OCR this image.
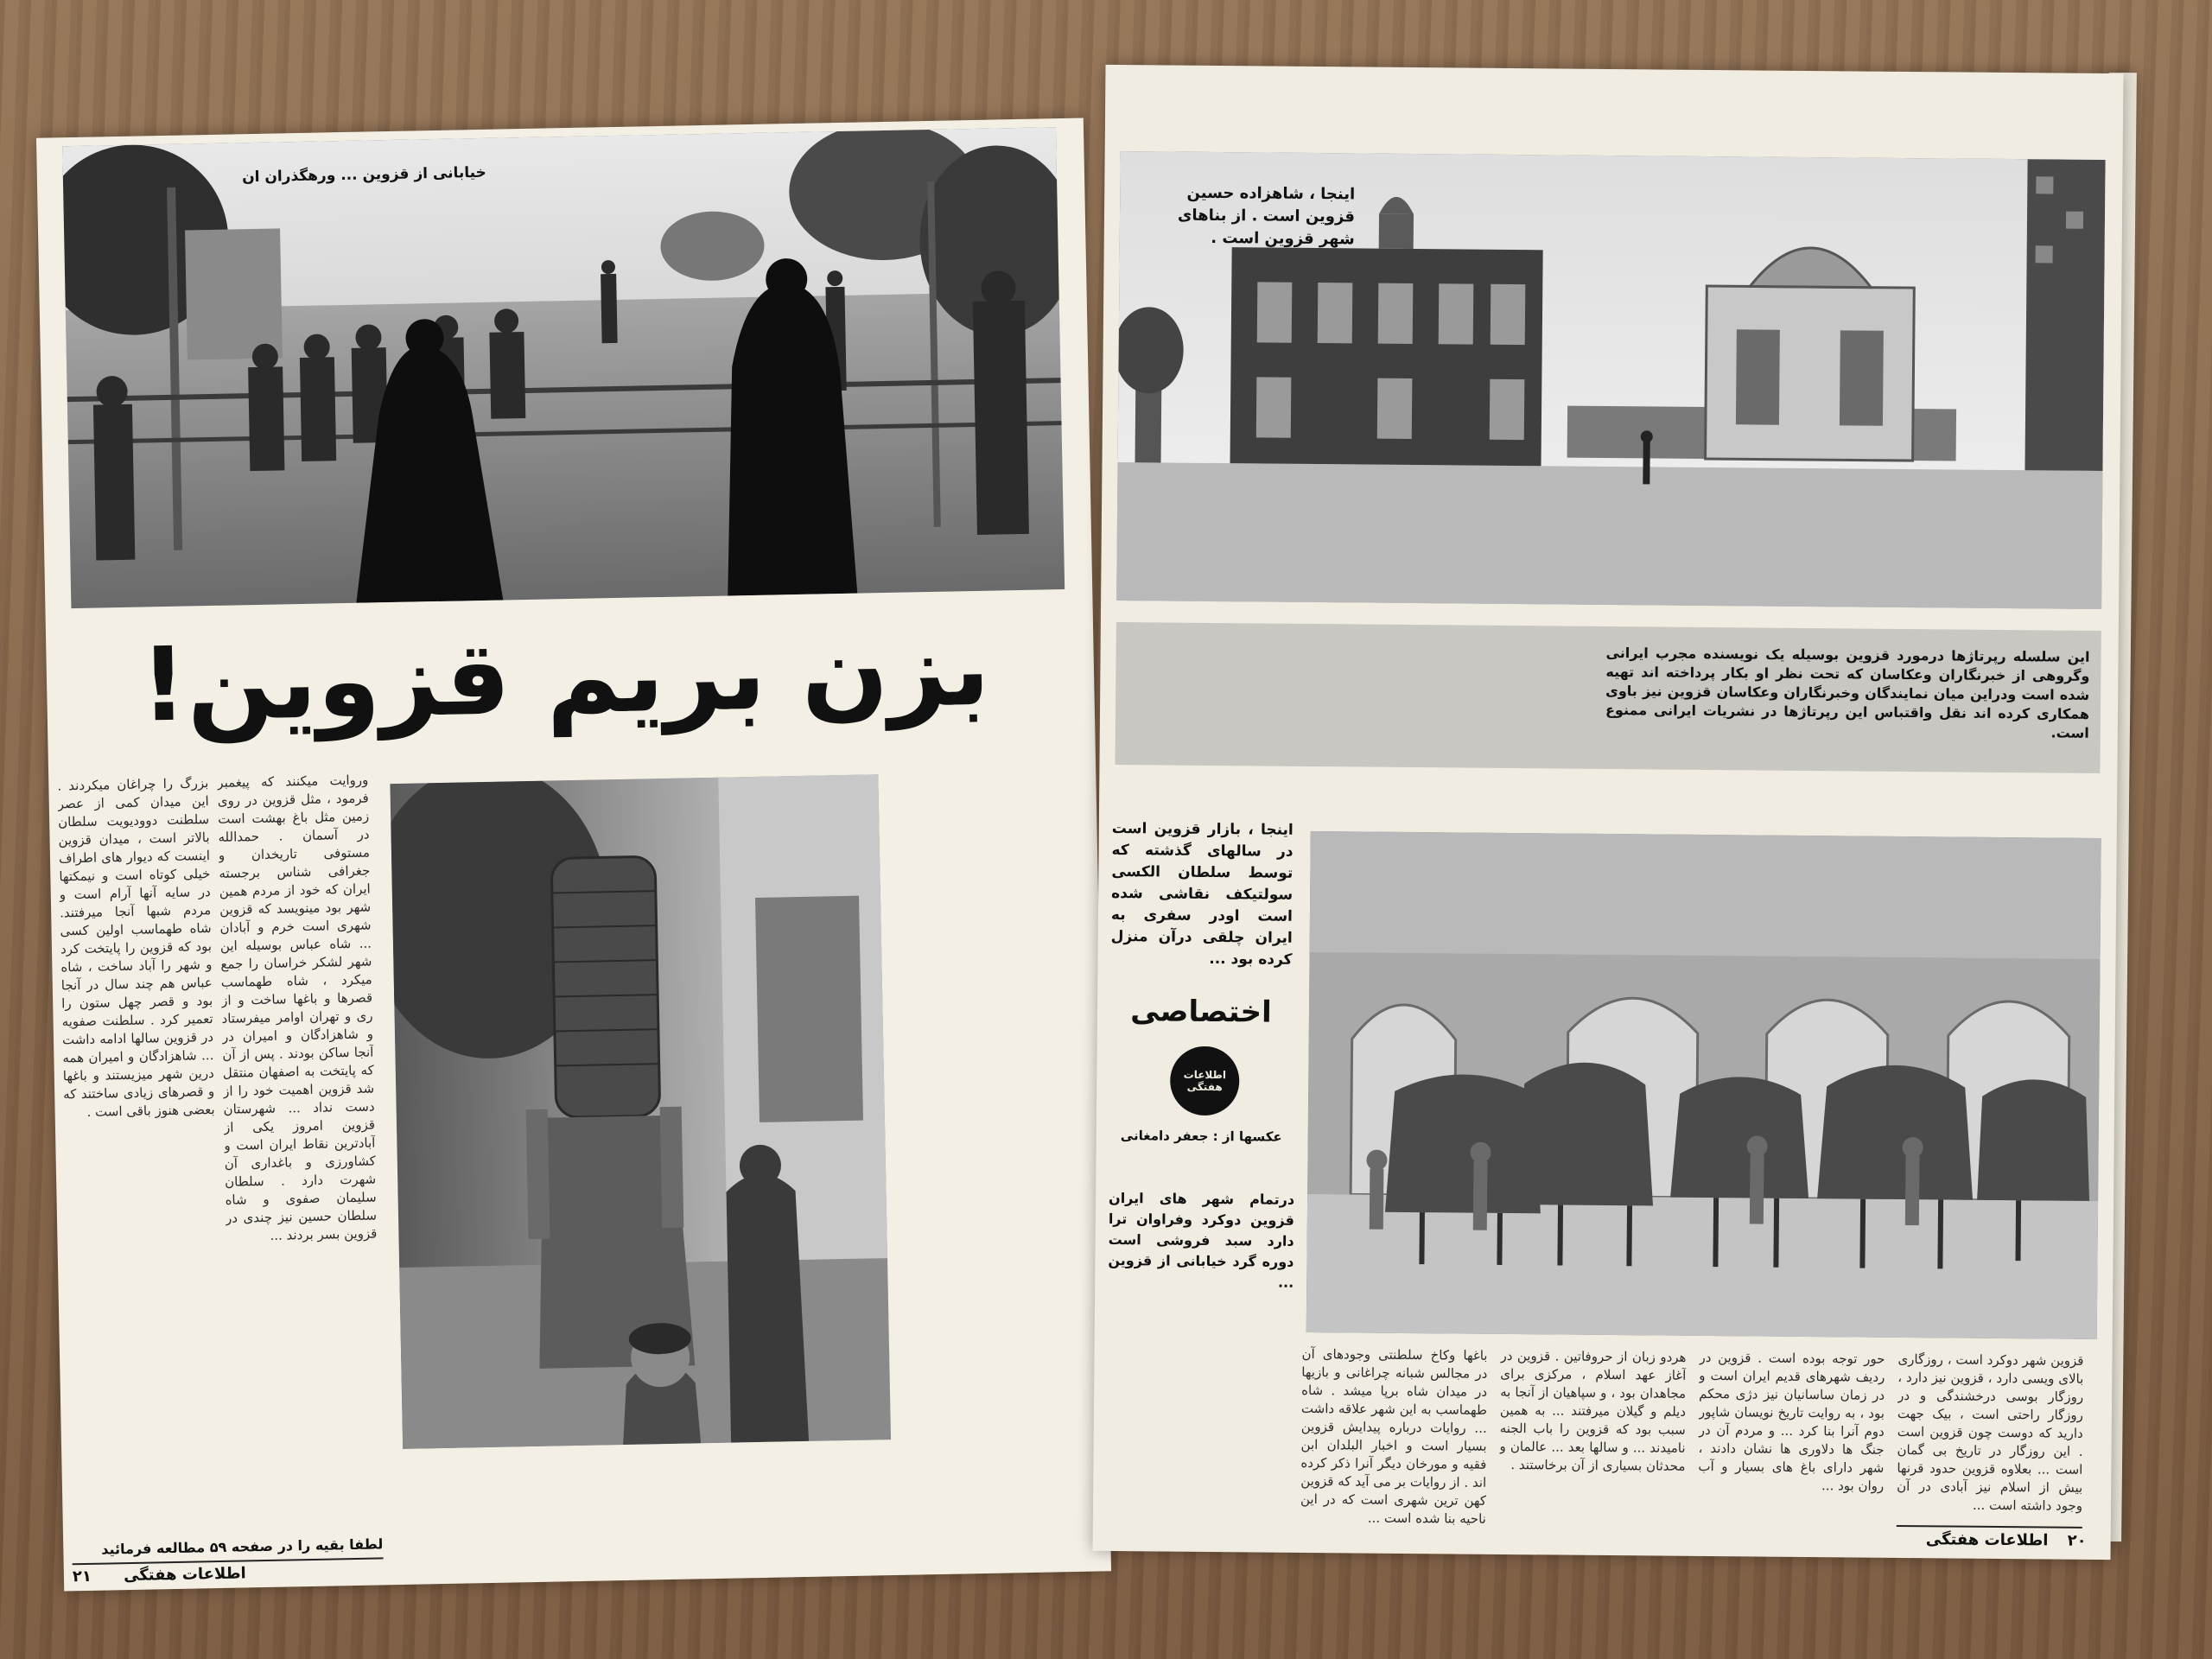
خیابانی از قزوین ... ورهگذران ان
بزن بریم قزوین!
وروایت میکنند که پیغمبر فرمود ، مثل قزوین در روی زمین مثل باغ بهشت است در آسمان . حمدالله مستوفی تاریخدان و جغرافی شناس برجسته ایران که خود از مردم همین شهر بود مینویسد که قزوین شهری است خرم و آبادان ... شاه عباس بوسیله این شهر لشکر خراسان را جمع میکرد ، شاه طهماسب قصرها و باغها ساخت و از ری و تهران اوامر میفرستاد و شاهزادگان و امیران در آنجا ساکن بودند . پس از آن که پایتخت به اصفهان منتقل شد قزوین اهمیت خود را از دست نداد ... شهرستان قزوین امروز یکی از آبادترین نقاط ایران است و کشاورزی و باغداری آن شهرت دارد . سلطان سلیمان صفوی و شاه سلطان حسین نیز چندی در قزوین بسر بردند ...
بزرگ را چراغان میکردند . این میدان کمی از عصر سلطنت دوودیویت سلطان بالاتر است ، میدان قزوین اینست که دیوار های اطراف خیلی کوتاه است و نیمکتها در سایه آنها آرام است و مردم شبها آنجا میرفتند. شاه طهماسب اولین کسی بود که قزوین را پایتخت کرد و شهر را آباد ساخت ، شاه عباس هم چند سال در آنجا بود و قصر چهل ستون را تعمیر کرد . سلطنت صفویه در قزوین سالها ادامه داشت ... شاهزادگان و امیران همه درین شهر میزیستند و باغها و قصرهای زیادی ساختند که بعضی هنوز باقی است .
لطفا بقیه را در صفحه ۵۹ مطالعه فرمائید
۲۱	اطلاعات هفتگی
اینجا ، شاهزاده حسین قزوین است . از بناهای شهر قزوین است .
این سلسله رپرتاژها درمورد قزوین بوسیله یک نویسنده مجرب ایرانی وگروهی از خبرنگاران وعکاسان که تحت نظر او بکار پرداخته اند تهیه شده است ودراین میان نمایندگان وخبرنگاران وعکاسان قزوین نیز باوی همکاری کرده اند نقل واقتباس این رپرتاژها در نشریات ایرانی ممنوع است.
اینجا ، بازار قزوین است در سالهای گذشته که توسط سلطان الکسی سولتیکف نقاشی شده است اودر سفری به ایران چلقی درآن منزل کرده بود ...
اختصاصی
اطلاعات هفتگی
عکسها از : جعفر دامغانی
درتمام شهر های ایران قزوین دوکرد وفراوان ترا دارد سبد فروشی است دوره گرد خیابانی از قزوین ...
قزوین شهر دوکرد است ، روزگاری بالای ویسی دارد ، قزوین نیز دارد ، روزگار بوسی درخشندگی و در روزگار راحتی است ، بیک جهت دارید که دوست چون قزوین است . این روزگار در تاریخ بی گمان است ... بعلاوه قزوین حدود قرنها بیش از اسلام نیز آبادی در آن وجود داشته است ...
حور توجه بوده است . قزوین در ردیف شهرهای قدیم ایران است و در زمان ساسانیان نیز دژی محکم بود ، به روایت تاریخ نویسان شاپور دوم آنرا بنا کرد ... و مردم آن در جنگ ها دلاوری ها نشان دادند ، شهر دارای باغ های بسیار و آب روان بود ...
هردو زبان از حروفاتین . قزوین در آغاز عهد اسلام ، مرکزی برای مجاهدان بود ، و سپاهیان از آنجا به دیلم و گیلان میرفتند ... به همین سبب بود که قزوین را باب الجنه نامیدند ... و سالها بعد ... عالمان و محدثان بسیاری از آن برخاستند .
باغها وکاخ سلطنتی وجودهای آن در مجالس شبانه چراغانی و بازیها در میدان شاه برپا میشد . شاه طهماسب به این شهر علاقه داشت ... روایات درباره پیدایش قزوین بسیار است و اخبار البلدان ابن فقیه و مورخان دیگر آنرا ذکر کرده اند . از روایات بر می آید که قزوین کهن ترین شهری است که در این ناحیه بنا شده است ...
اطلاعات هفتگی	۲۰
